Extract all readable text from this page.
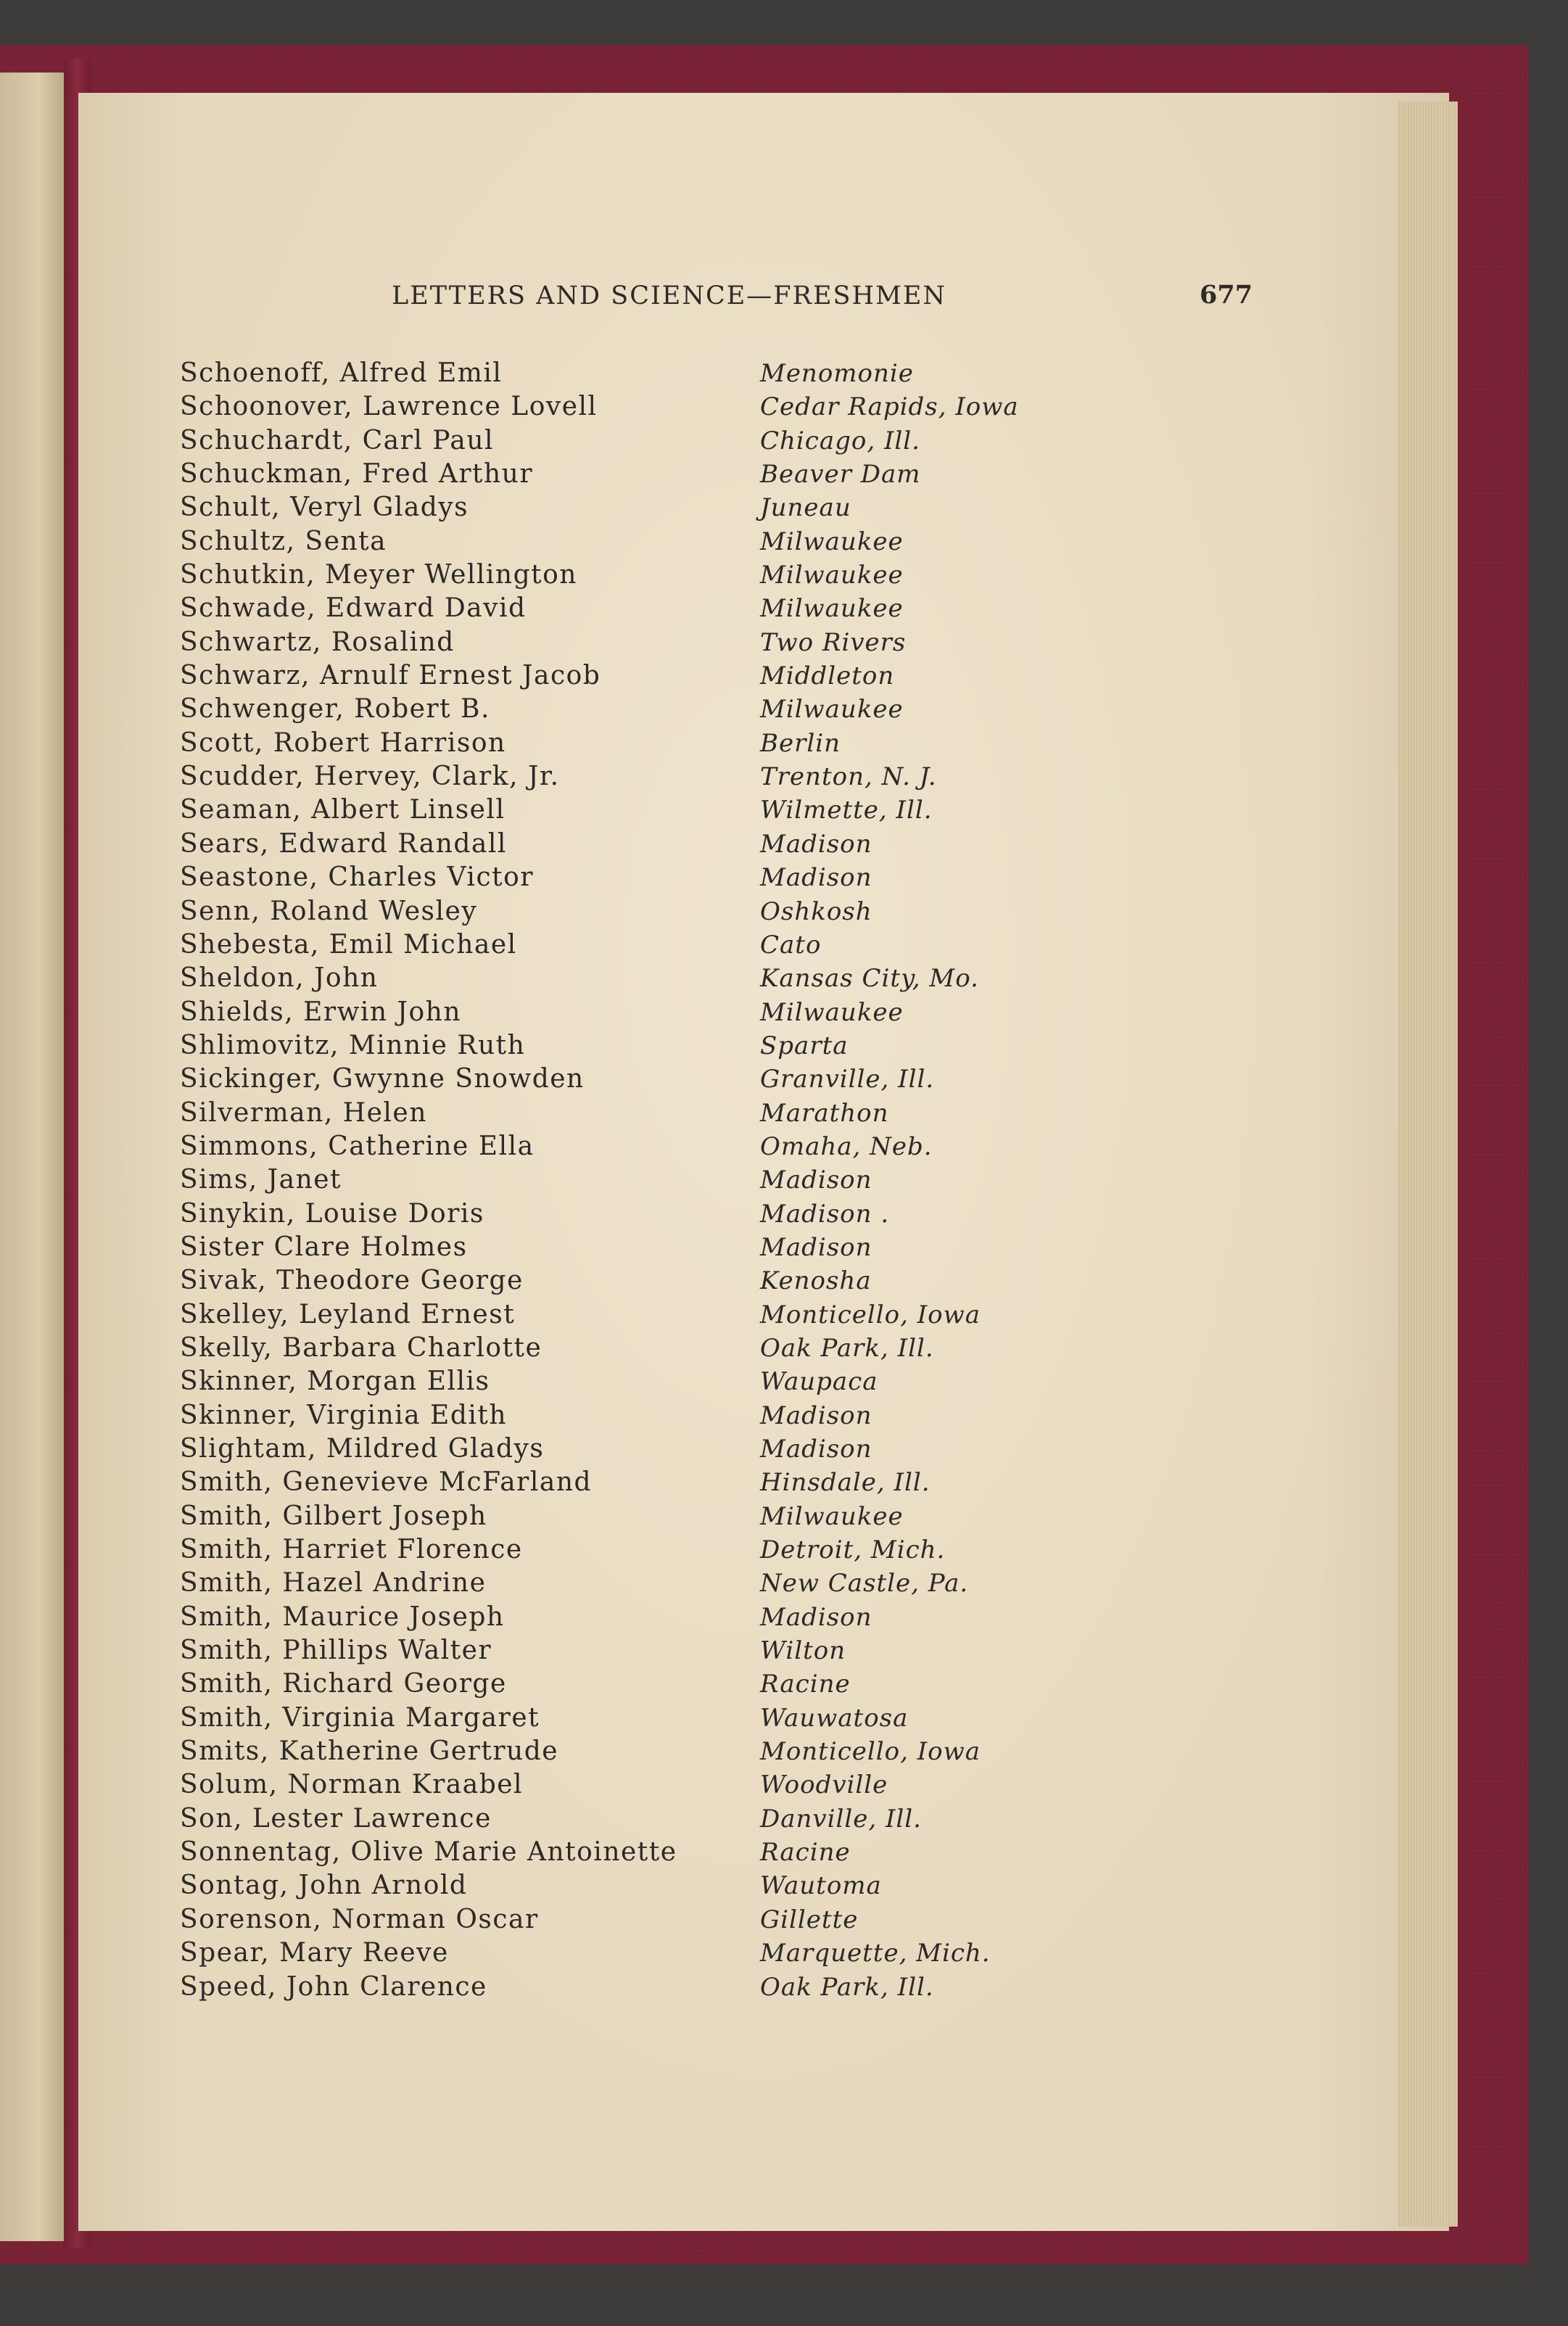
LETTERS AND SCIENCE—FRESHMEN	677
Schoenoff, Alfred Emil	Menomonie
Schoonover, Lawrence Lovell	Cedar Rapids, Iowa
Schuchardt, Carl Paul	Chicago, Ill.
Schuckman, Fred Arthur	Beaver Dam
Schult, Veryl Gladys	Juneau
Schultz, Senta	Milwaukee
Schutkin, Meyer Wellington	Milwaukee
Schwade, Edward David	Milwaukee
Schwartz, Rosalind	Two Rivers
Schwarz, Arnulf Ernest Jacob	Middleton
Schwenger, Robert B.	Milwaukee
Scott, Robert Harrison	Berlin
Scudder, Hervey, Clark, Jr.	Trenton, N. J.
Seaman, Albert Linsell	Wilmette, Ill.
Sears, Edward Randall	Madison
Seastone, Charles Victor	Madison
Senn, Roland Wesley	Oshkosh
Shebesta, Emil Michael	Cato
Sheldon, John	Kansas City, Mo.
Shields, Erwin John	Milwaukee
Shlimovitz, Minnie Ruth	Sparta
Sickinger, Gwynne Snowden	Granville, Ill.
Silverman, Helen	Marathon
Simmons, Catherine Ella	Omaha, Neb.
Sims, Janet	Madison
Sinykin, Louise Doris	Madison .
Sister Clare Holmes	Madison
Sivak, Theodore George	Kenosha
Skelley, Leyland Ernest	Monticello, Iowa
Skelly, Barbara Charlotte	Oak Park, Ill.
Skinner, Morgan Ellis	Waupaca
Skinner, Virginia Edith	Madison
Slightam, Mildred Gladys	Madison
Smith, Genevieve McFarland	Hinsdale, Ill.
Smith, Gilbert Joseph	Milwaukee
Smith, Harriet Florence	Detroit, Mich.
Smith, Hazel Andrine	New Castle, Pa.
Smith, Maurice Joseph	Madison
Smith, Phillips Walter	Wilton
Smith, Richard George	Racine
Smith, Virginia Margaret	Wauwatosa
Smits, Katherine Gertrude	Monticello, Iowa
Solum, Norman Kraabel	Woodville
Son, Lester Lawrence	Danville, Ill.
Sonnentag, Olive Marie Antoinette	Racine
Sontag, John Arnold	Wautoma
Sorenson, Norman Oscar	Gillette
Spear, Mary Reeve	Marquette, Mich.
Speed, John Clarence	Oak Park, Ill.
